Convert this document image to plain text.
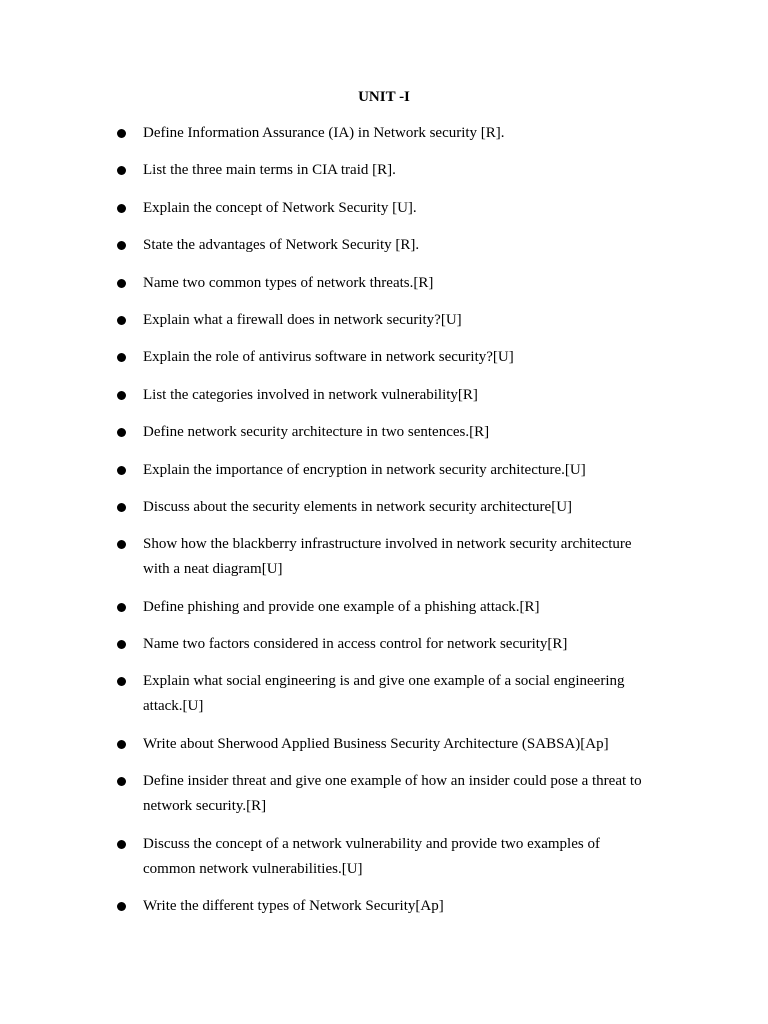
UNIT -I
Define Information Assurance (IA) in Network security [R].
List the three main terms in CIA traid [R].
Explain the concept of Network Security [U].
State the advantages of Network Security [R].
Name two common types of network threats.[R]
Explain what a firewall does in network security?[U]
Explain the role of antivirus software in network security?[U]
List the categories involved in network vulnerability[R]
Define network security architecture in two sentences.[R]
Explain the importance of encryption in network security architecture.[U]
Discuss about the security elements in network security architecture[U]
Show how the blackberry infrastructure involved in network security architecture with a neat diagram[U]
Define phishing and provide one example of a phishing attack.[R]
Name two factors considered in access control for network security[R]
Explain what social engineering is and give one example of a social engineering attack.[U]
Write about Sherwood Applied Business Security Architecture (SABSA)[Ap]
Define insider threat and give one example of how an insider could pose a threat to network security.[R]
Discuss the concept of a network vulnerability and provide two examples of common network vulnerabilities.[U]
Write the different types of Network Security[Ap]
